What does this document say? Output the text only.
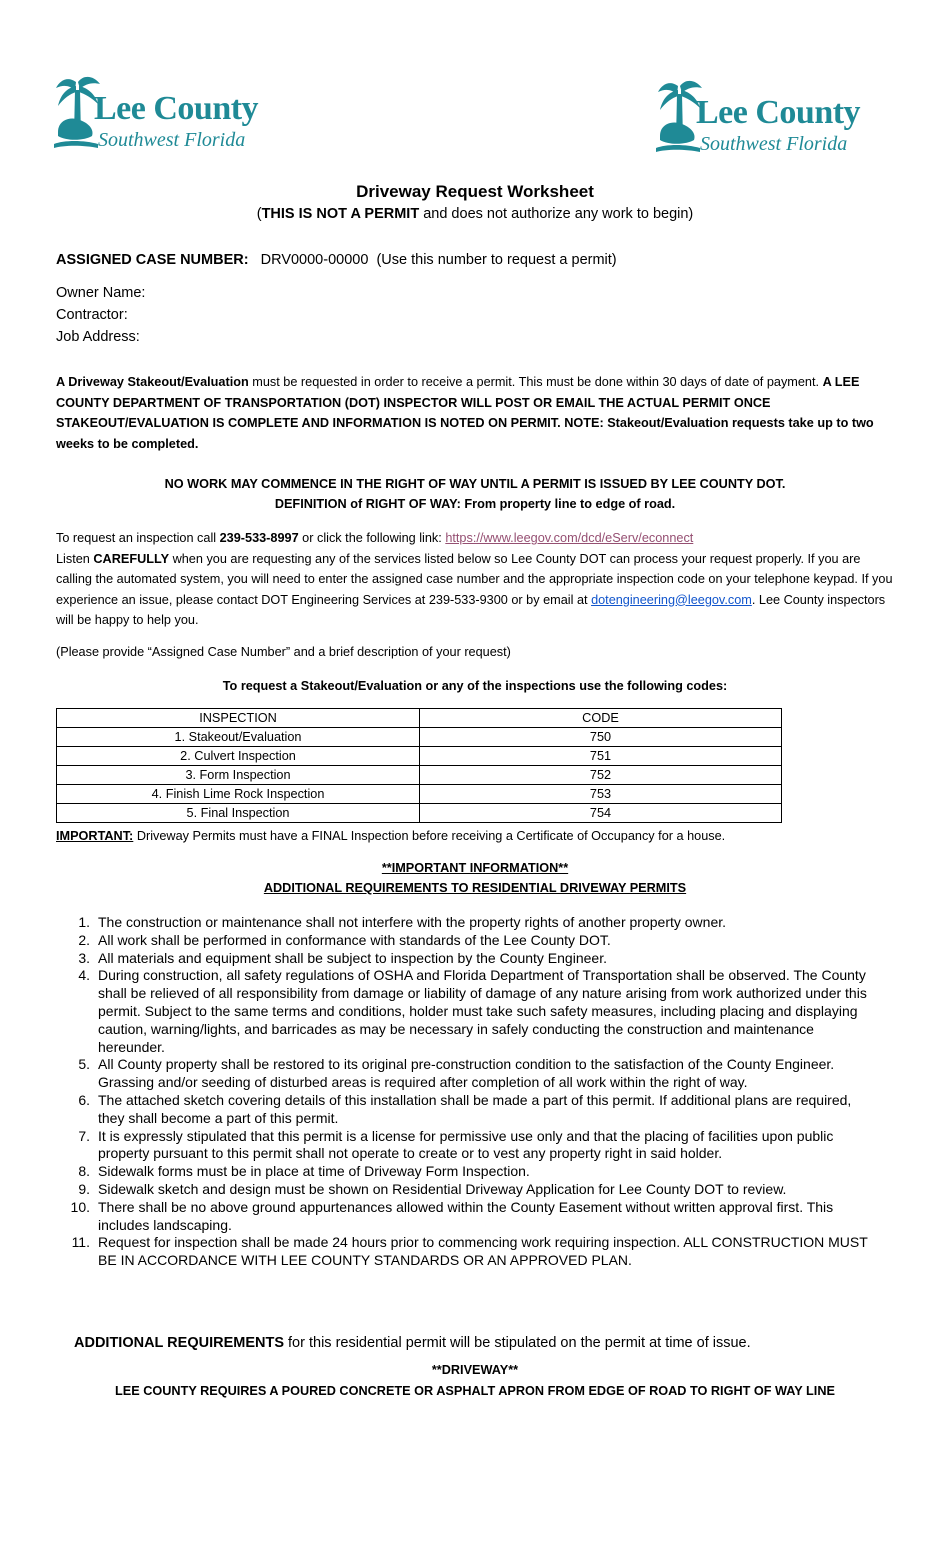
Lee County
Southwest Florida
Lee County
Southwest Florida
Driveway Request Worksheet
(THIS IS NOT A PERMIT and does not authorize any work to begin)
ASSIGNED CASE NUMBER: DRV0000-00000 (Use this number to request a permit)
Owner Name:
Contractor:
Job Address:
A Driveway Stakeout/Evaluation must be requested in order to receive a permit. This must be done within 30 days of date of payment. A LEE COUNTY DEPARTMENT OF TRANSPORTATION (DOT) INSPECTOR WILL POST OR EMAIL THE ACTUAL PERMIT ONCE STAKEOUT/EVALUATION IS COMPLETE AND INFORMATION IS NOTED ON PERMIT. NOTE: Stakeout/Evaluation requests take up to two weeks to be completed.
NO WORK MAY COMMENCE IN THE RIGHT OF WAY UNTIL A PERMIT IS ISSUED BY LEE COUNTY DOT.
DEFINITION of RIGHT OF WAY: From property line to edge of road.
To request an inspection call 239-533-8997 or click the following link: https://www.leegov.com/dcd/eServ/econnect
Listen CAREFULLY when you are requesting any of the services listed below so Lee County DOT can process your request properly. If you are calling the automated system, you will need to enter the assigned case number and the appropriate inspection code on your telephone keypad. If you experience an issue, please contact DOT Engineering Services at 239-533-9300 or by email at dotengineering@leegov.com. Lee County inspectors will be happy to help you.
(Please provide “Assigned Case Number” and a brief description of your request)
To request a Stakeout/Evaluation or any of the inspections use the following codes:
INSPECTION	CODE
1. Stakeout/Evaluation	750
2. Culvert Inspection	751
3. Form Inspection	752
4. Finish Lime Rock Inspection	753
5. Final Inspection	754
IMPORTANT: Driveway Permits must have a FINAL Inspection before receiving a Certificate of Occupancy for a house.
**IMPORTANT INFORMATION**
ADDITIONAL REQUIREMENTS TO RESIDENTIAL DRIVEWAY PERMITS
1. The construction or maintenance shall not interfere with the property rights of another property owner.
2. All work shall be performed in conformance with standards of the Lee County DOT.
3. All materials and equipment shall be subject to inspection by the County Engineer.
4. During construction, all safety regulations of OSHA and Florida Department of Transportation shall be observed. The County shall be relieved of all responsibility from damage or liability of damage of any nature arising from work authorized under this permit. Subject to the same terms and conditions, holder must take such safety measures, including placing and displaying caution, warning/lights, and barricades as may be necessary in safely conducting the construction and maintenance hereunder.
5. All County property shall be restored to its original pre-construction condition to the satisfaction of the County Engineer. Grassing and/or seeding of disturbed areas is required after completion of all work within the right of way.
6. The attached sketch covering details of this installation shall be made a part of this permit. If additional plans are required, they shall become a part of this permit.
7. It is expressly stipulated that this permit is a license for permissive use only and that the placing of facilities upon public property pursuant to this permit shall not operate to create or to vest any property right in said holder.
8. Sidewalk forms must be in place at time of Driveway Form Inspection.
9. Sidewalk sketch and design must be shown on Residential Driveway Application for Lee County DOT to review.
10. There shall be no above ground appurtenances allowed within the County Easement without written approval first. This includes landscaping.
11. Request for inspection shall be made 24 hours prior to commencing work requiring inspection. ALL CONSTRUCTION MUST BE IN ACCORDANCE WITH LEE COUNTY STANDARDS OR AN APPROVED PLAN.
ADDITIONAL REQUIREMENTS for this residential permit will be stipulated on the permit at time of issue.
**DRIVEWAY**
LEE COUNTY REQUIRES A POURED CONCRETE OR ASPHALT APRON FROM EDGE OF ROAD TO RIGHT OF WAY LINE
